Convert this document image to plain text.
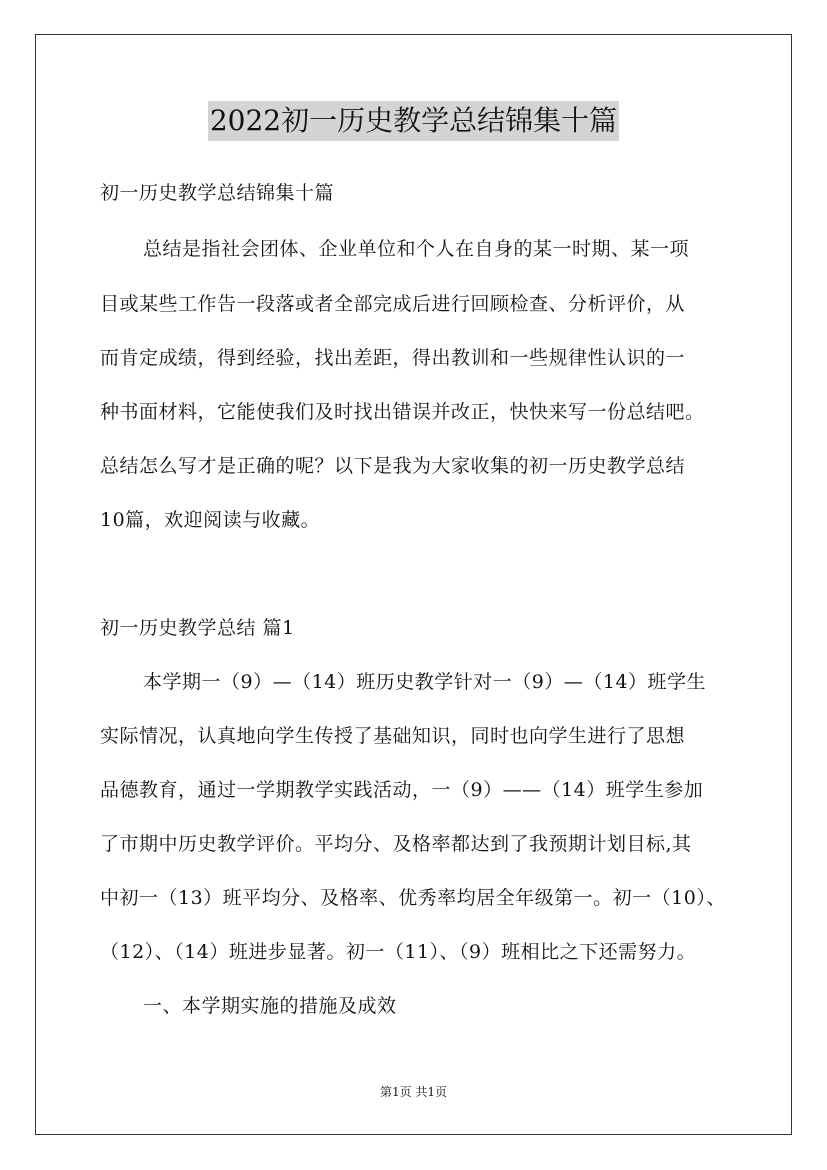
2022初一历史教学总结锦集十篇
初一历史教学总结锦集十篇
总结是指社会团体、企业单位和个人在自身的某一时期、某一项
目或某些工作告一段落或者全部完成后进行回顾检查、分析评价，从
而肯定成绩，得到经验，找出差距，得出教训和一些规律性认识的一
种书面材料，它能使我们及时找出错误并改正，快快来写一份总结吧。
总结怎么写才是正确的呢？以下是我为大家收集的初一历史教学总结
10篇，欢迎阅读与收藏。
初一历史教学总结 篇1
本学期一（9）—（14）班历史教学针对一（9）—（14）班学生
实际情况，认真地向学生传授了基础知识，同时也向学生进行了思想
品德教育，通过一学期教学实践活动，一（9）——（14）班学生参加
了市期中历史教学评价。平均分、及格率都达到了我预期计划目标,其
中初一（13）班平均分、及格率、优秀率均居全年级第一。初一（10）、
（12）、（14）班进步显著。初一（11）、（9）班相比之下还需努力。
一、本学期实施的措施及成效
第1页 共1页
